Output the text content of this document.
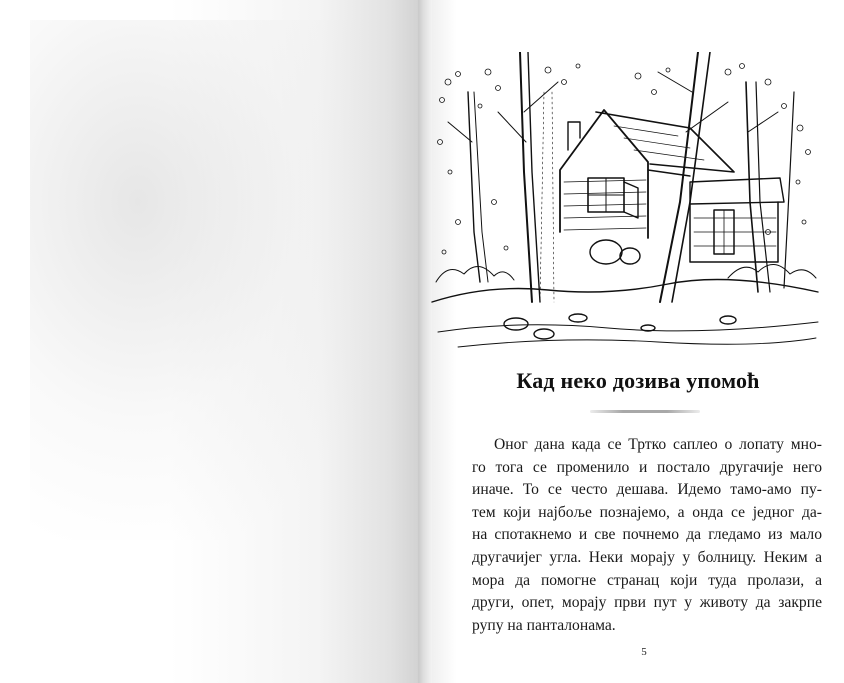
Кад неко дозива упомоћ
Оног дана када се Тртко саплео о лопату мно-
го тога се променило и постало другачије него
иначе. То се често дешава. Идемо тамо-амо пу-
тем који најбоље познајемо, а онда се једног да-
на спотакнемо и све почнемо да гледамо из мало
другачијег угла. Неки морају у болницу. Неким а
мора да помогне странац који туда пролази, а
други, опет, морају први пут у животу да закрпе
рупу на панталонама.
5
